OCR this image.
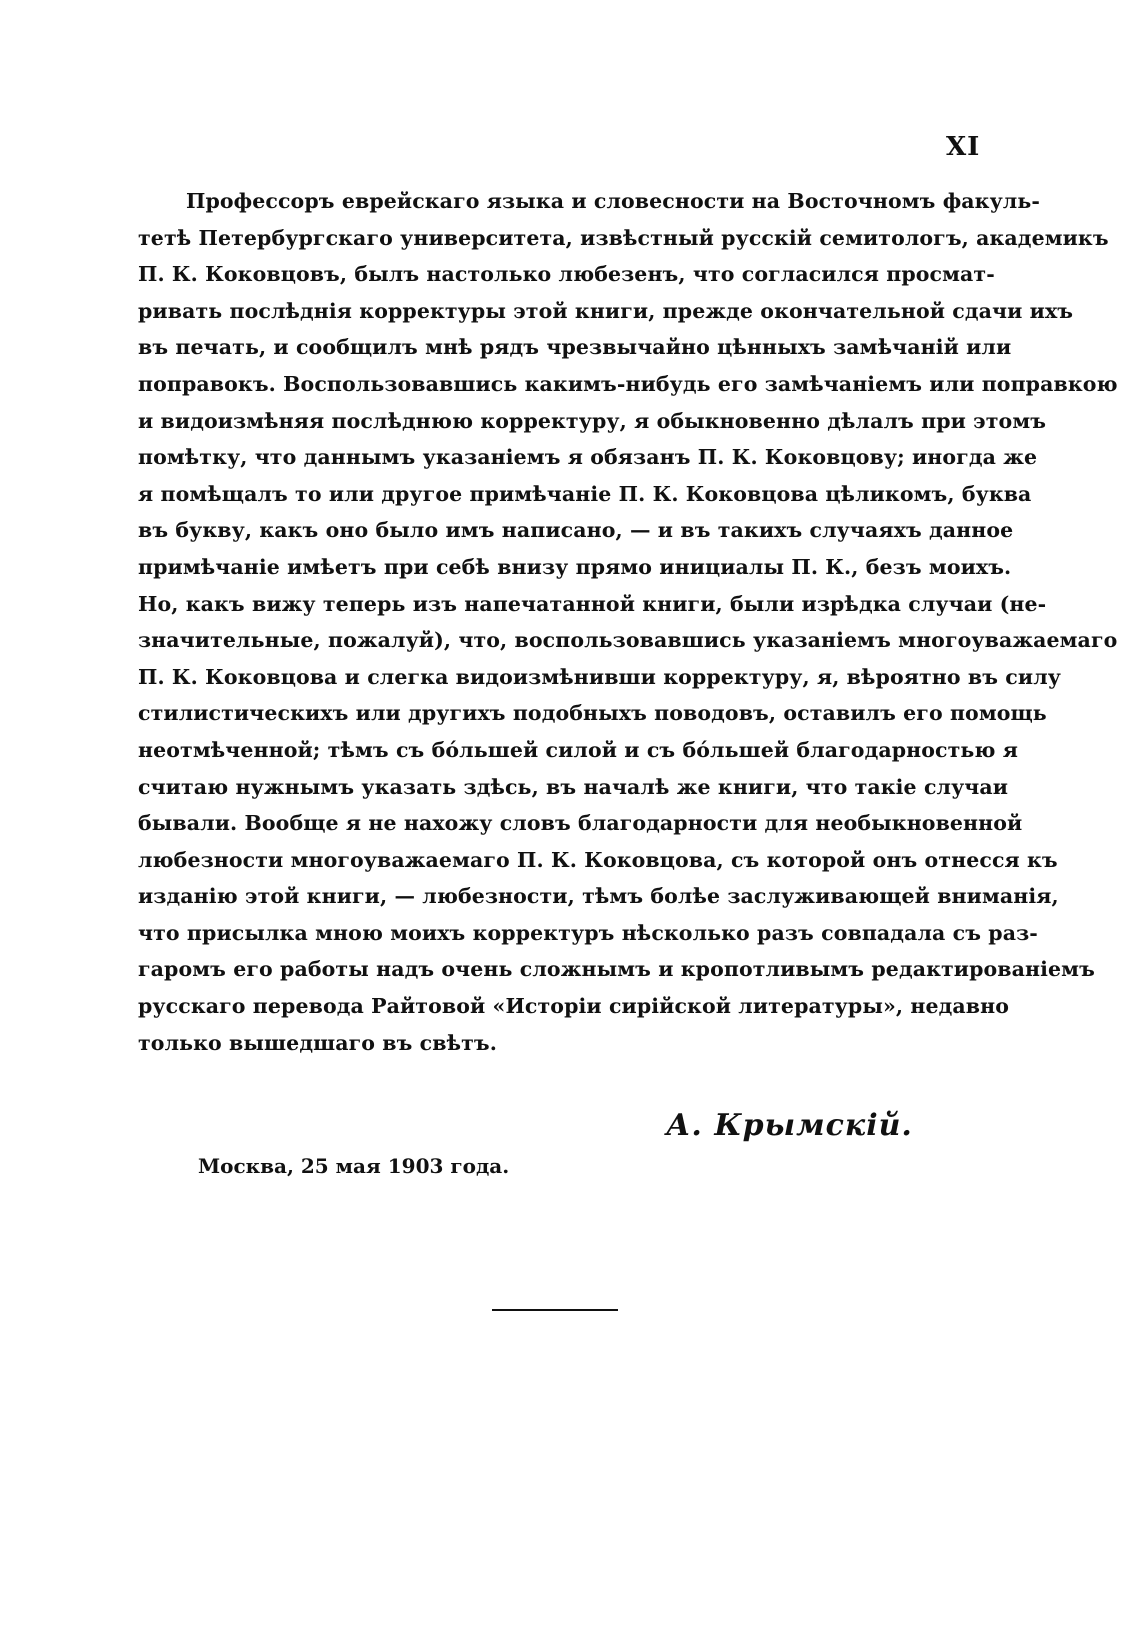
XI
Профессоръ еврейскаго языка и словесности на Восточномъ факуль-
тетѣ Петербургскаго университета, извѣстный русскій семитологъ, академикъ
П. К. Коковцовъ, былъ настолько любезенъ, что согласился просмат-
ривать послѣднія корректуры этой книги, прежде окончательной сдачи ихъ
въ печать, и сообщилъ мнѣ рядъ чрезвычайно цѣнныхъ замѣчаній или
поправокъ. Воспользовавшись какимъ-нибудь его замѣчаніемъ или поправкою
и видоизмѣняя послѣднюю корректуру, я обыкновенно дѣлалъ при этомъ
помѣтку, что даннымъ указаніемъ я обязанъ П. К. Коковцову; иногда же
я помѣщалъ то или другое примѣчаніе П. К. Коковцова цѣликомъ, буква
въ букву, какъ оно было имъ написано, — и въ такихъ случаяхъ данное
примѣчаніе имѣетъ при себѣ внизу прямо инициалы П. К., безъ моихъ.
Но, какъ вижу теперь изъ напечатанной книги, были изрѣдка случаи (не-
значительные, пожалуй), что, воспользовавшись указаніемъ многоуважаемаго
П. К. Коковцова и слегка видоизмѣнивши корректуру, я, вѣроятно въ силу
стилистическихъ или другихъ подобныхъ поводовъ, оставилъ его помощь
неотмѣченной; тѣмъ съ бóльшей силой и съ бóльшей благодарностью я
считаю нужнымъ указать здѣсь, въ началѣ же книги, что такіе случаи
бывали. Вообще я не нахожу словъ благодарности для необыкновенной
любезности многоуважаемаго П. К. Коковцова, съ которой онъ отнесся къ
изданію этой книги, — любезности, тѣмъ болѣе заслуживающей вниманія,
что присылка мною моихъ корректуръ нѣсколько разъ совпадала съ раз-
гаромъ его работы надъ очень сложнымъ и кропотливымъ редактированіемъ
русскаго перевода Райтовой «Исторіи сирійской литературы», недавно
только вышедшаго въ свѣтъ.
А. Крымскій.
Москва, 25 мая 1903 года.
